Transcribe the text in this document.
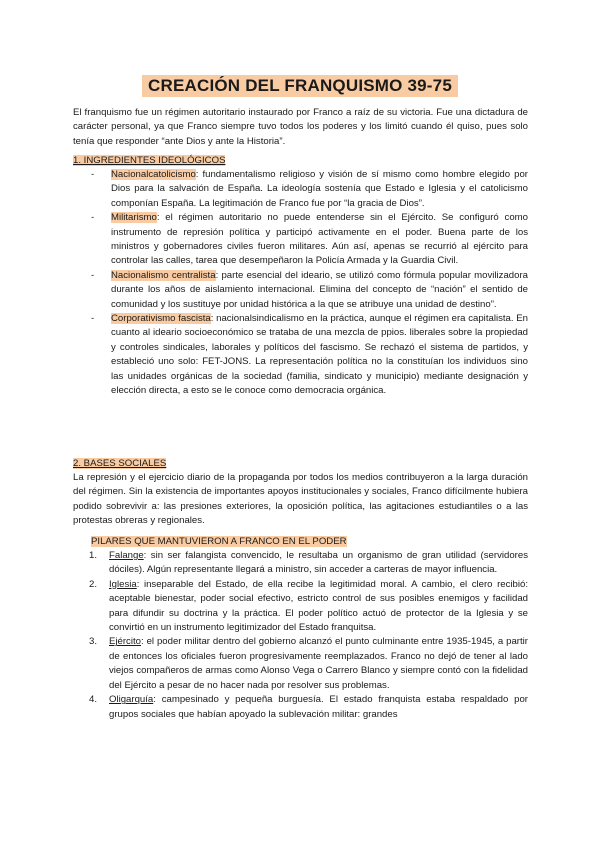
CREACIÓN DEL FRANQUISMO 39-75
El franquismo fue un régimen autoritario instaurado por Franco a raíz de su victoria. Fue una dictadura de carácter personal, ya que Franco siempre tuvo todos los poderes y los limitó cuando él quiso, pues solo tenía que responder “ante Dios y ante la Historia”.
1. INGREDIENTES IDEOLÓGICOS
- Nacionalcatolicismo: fundamentalismo religioso y visión de sí mismo como hombre elegido por Dios para la salvación de España. La ideología sostenía que Estado e Iglesia y el catolicismo componían España. La legitimación de Franco fue por “la gracia de Dios”.
- Militarismo: el régimen autoritario no puede entenderse sin el Ejército. Se configuró como instrumento de represión política y participó activamente en el poder. Buena parte de los ministros y gobernadores civiles fueron militares. Aún así, apenas se recurrió al ejército para controlar las calles, tarea que desempeñaron la Policía Armada y la Guardia Civil.
- Nacionalismo centralista: parte esencial del ideario, se utilizó como fórmula popular movilizadora durante los años de aislamiento internacional. Elimina del concepto de “nación” el sentido de comunidad y los sustituye por unidad histórica a la que se atribuye una unidad de destino”.
- Corporativismo fascista: nacionalsindicalismo en la práctica, aunque el régimen era capitalista. En cuanto al ideario socioeconómico se trataba de una mezcla de ppios. liberales sobre la propiedad y controles sindicales, laborales y políticos del fascismo. Se rechazó el sistema de partidos, y estableció uno solo: FET-JONS. La representación política no la constituían los individuos sino las unidades orgánicas de la sociedad (familia, sindicato y municipio) mediante designación y elección directa, a esto se le conoce como democracia orgánica.
2. BASES SOCIALES
La represión y el ejercicio diario de la propaganda por todos los medios contribuyeron a la larga duración del régimen. Sin la existencia de importantes apoyos institucionales y sociales, Franco difícilmente hubiera podido sobrevivir a: las presiones exteriores, la oposición política, las agitaciones estudiantiles o a las protestas obreras y regionales.
PILARES QUE MANTUVIERON A FRANCO EN EL PODER
1. Falange: sin ser falangista convencido, le resultaba un organismo de gran utilidad (servidores dóciles). Algún representante llegará a ministro, sin acceder a carteras de mayor influencia.
2. Iglesia: inseparable del Estado, de ella recibe la legitimidad moral. A cambio, el clero recibió: aceptable bienestar, poder social efectivo, estricto control de sus posibles enemigos y facilidad para difundir su doctrina y la práctica. El poder político actuó de protector de la Iglesia y se convirtió en un instrumento legitimizador del Estado franquitsa.
3. Ejército: el poder militar dentro del gobierno alcanzó el punto culminante entre 1935-1945, a partir de entonces los oficiales fueron progresivamente reemplazados. Franco no dejó de tener al lado viejos compañeros de armas como Alonso Vega o Carrero Blanco y siempre contó con la fidelidad del Ejército a pesar de no hacer nada por resolver sus problemas.
4. Oligarquía: campesinado y pequeña burguesía. El estado franquista estaba respaldado por grupos sociales que habían apoyado la sublevación militar: grandes
